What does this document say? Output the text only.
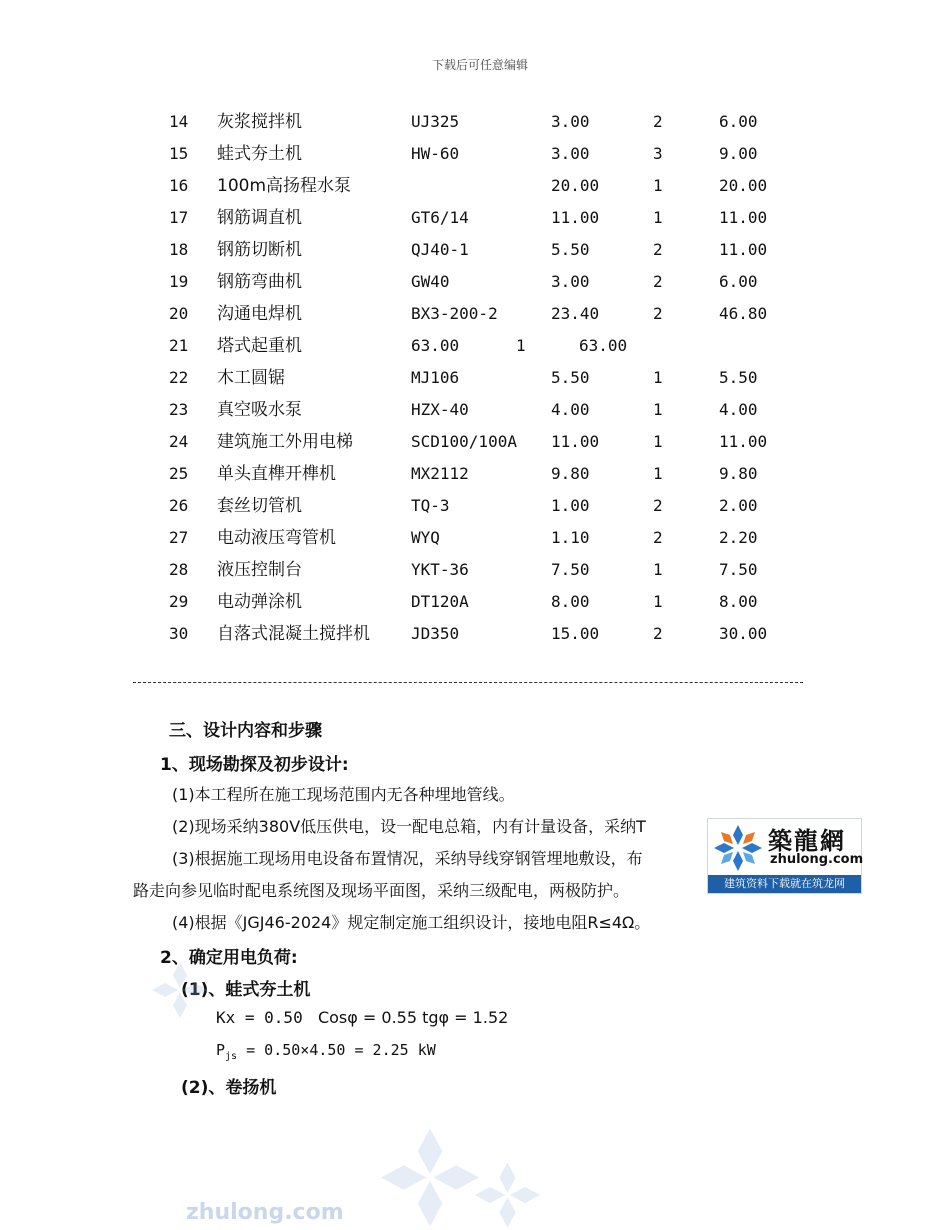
下载后可任意编辑
14 灰浆搅拌机	UJ325	3.00	2	6.00
15 蛙式夯土机	HW-60	3.00	3	9.00
16 100m高扬程水泵	20.00	1	20.00
17 钢筋调直机	GT6/14	11.00	1	11.00
18 钢筋切断机	QJ40-1	5.50	2	11.00
19 钢筋弯曲机	GW40	3.00	2	6.00
20 沟通电焊机	BX3-200-2	23.40	2	46.80
21 塔式起重机	63.00	1	63.00
22 木工圆锯	MJ106	5.50	1	5.50
23 真空吸水泵	HZX-40	4.00	1	4.00
24 建筑施工外用电梯	SCD100/100A 11.00	1	11.00
25 单头直榫开榫机	MX2112	9.80	1	9.80
26 套丝切管机	TQ-3	1.00	2	2.00
27 电动液压弯管机	WYQ	1.10	2	2.20
28 液压控制台	YKT-36	7.50	1	7.50
29 电动弹涂机	DT120A	8.00	1	8.00
30 自落式混凝土搅拌机	JD350	15.00	2	30.00
三、设计内容和步骤
1、现场勘探及初步设计:
(1)本工程所在施工现场范围内无各种埋地管线。
(2)现场采纳380V低压供电，设一配电总箱，内有计量设备，采纳T
(3)根据施工现场用电设备布置情况，采纳导线穿钢管埋地敷设，布
路走向参见临时配电系统图及现场平面图，采纳三级配电，两极防护。
(4)根据《JGJ46-2024》规定制定施工组织设计，接地电阻R≤4Ω。
2、确定用电负荷:
(1)、蛙式夯土机
Kx = 0.50 Cosφ = 0.55 tgφ = 1.52
$P_{js} = 0.50\times 4.50 = 2.25$ kW
(2)、卷扬机
築龍網
zhulong.com
建筑资料下载就在筑龙网
zhulong.com
